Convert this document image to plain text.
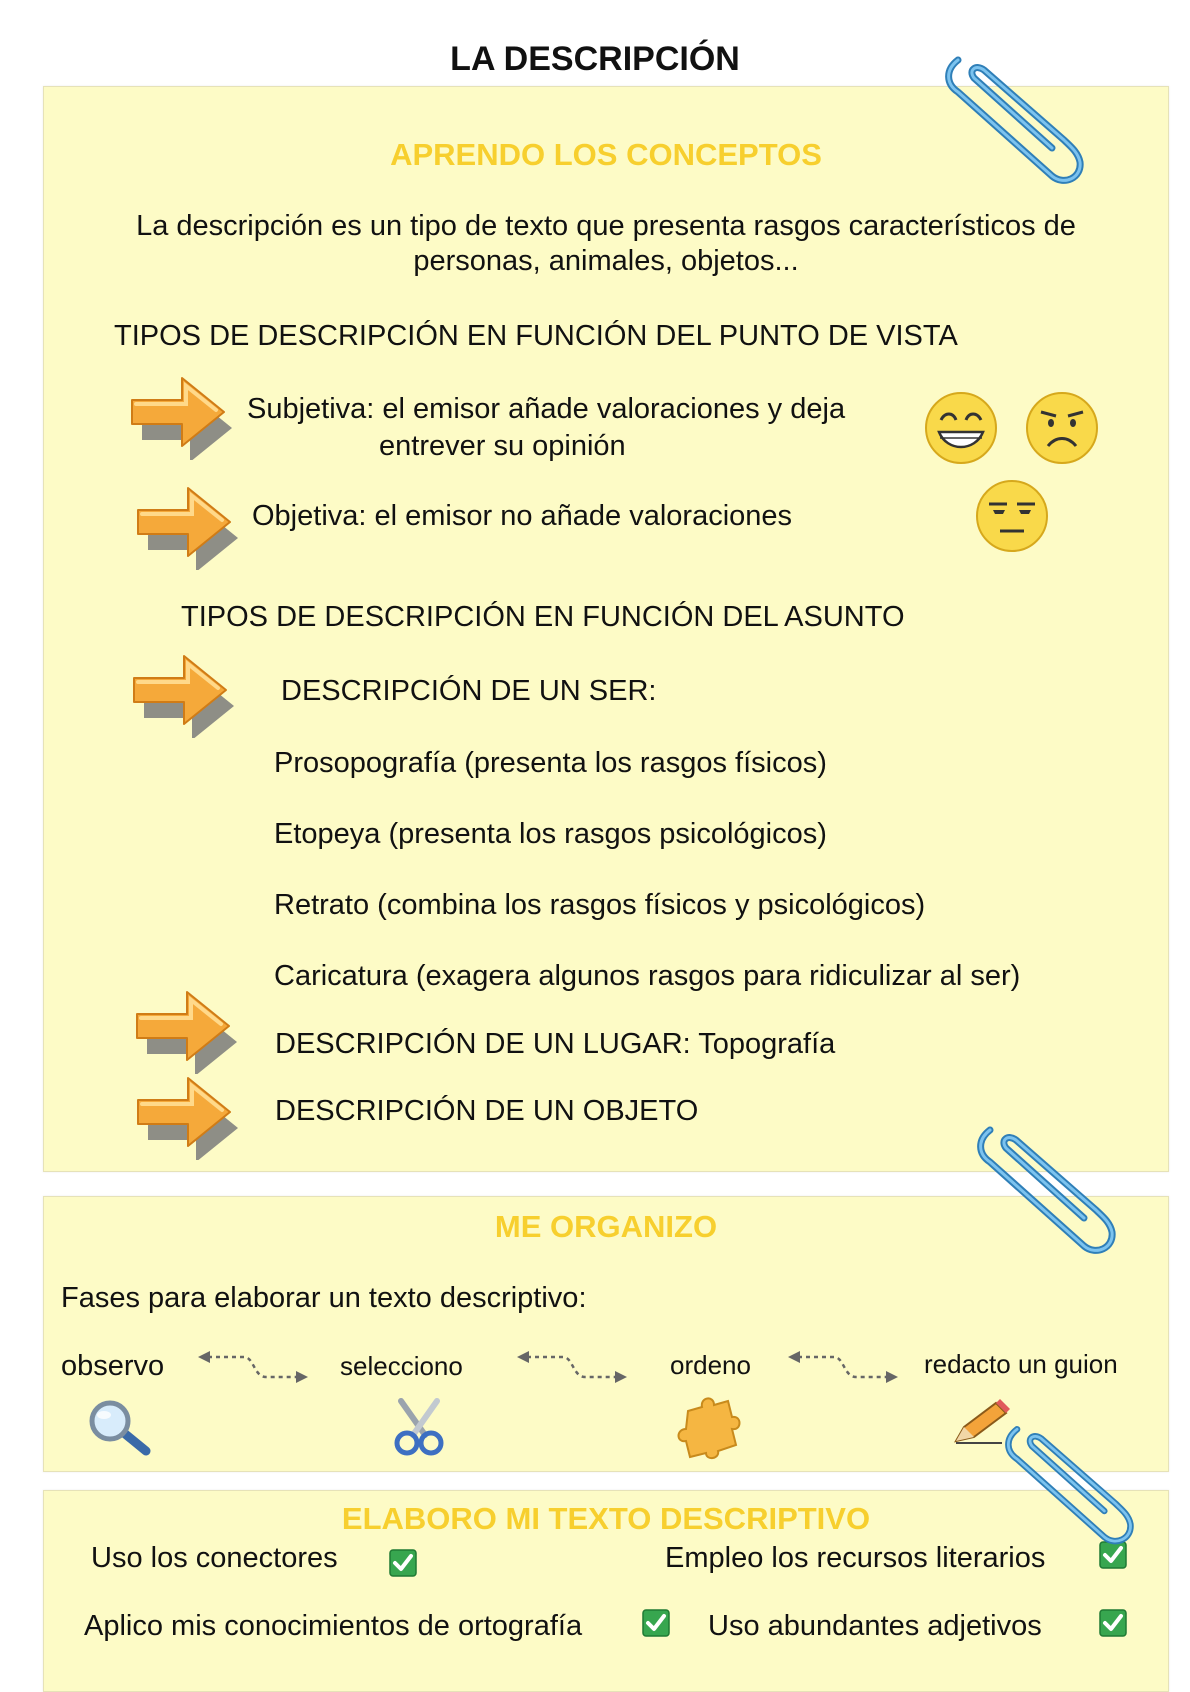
LA DESCRIPCIÓN
APRENDO LOS CONCEPTOS
La descripción es un tipo de texto que presenta rasgos característicos de
personas, animales, objetos...
TIPOS DE DESCRIPCIÓN EN FUNCIÓN DEL PUNTO DE VISTA
Subjetiva: el emisor añade valoraciones y deja
entrever su opinión
Objetiva: el emisor no añade valoraciones
TIPOS DE DESCRIPCIÓN EN FUNCIÓN DEL ASUNTO
DESCRIPCIÓN DE UN SER:
Prosopografía (presenta los rasgos físicos)
Etopeya (presenta los rasgos psicológicos)
Retrato (combina los rasgos físicos y psicológicos)
Caricatura (exagera algunos rasgos para ridiculizar al ser)
DESCRIPCIÓN DE UN LUGAR: Topografía
DESCRIPCIÓN DE UN OBJETO
ME ORGANIZO
Fases para elaborar un texto descriptivo:
observo	selecciono	ordeno	redacto un guion
ELABORO MI TEXTO DESCRIPTIVO
Uso los conectores	Empleo los recursos literarios
Aplico mis conocimientos de ortografía	Uso abundantes adjetivos
